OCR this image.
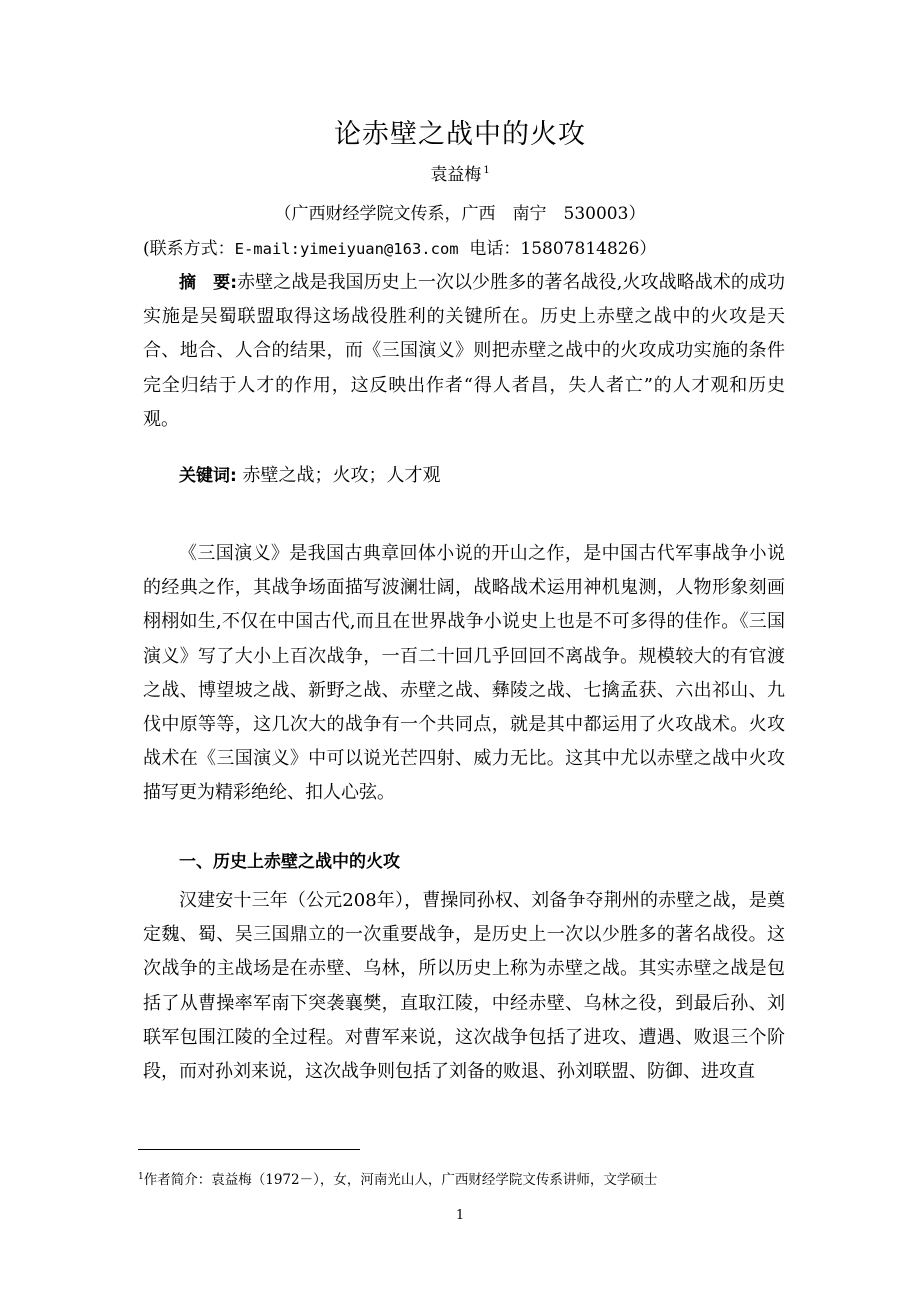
论赤壁之战中的火攻
袁益梅 $^1$
（广西财经学院文传系，广西　南宁　530003）
(联系方式：E-mail:yimeiyuan@163.com 电话：15807814826）
摘　要:赤壁之战是我国历史上一次以少胜多的著名战役,火攻战略战术的成功实施是吴蜀联盟取得这场战役胜利的关键所在。历史上赤壁之战中的火攻是天合、地合、人合的结果，而《三国演义》则把赤壁之战中的火攻成功实施的条件完全归结于人才的作用，这反映出作者“得人者昌，失人者亡”的人才观和历史观。
关键词: 赤壁之战；火攻；人才观
《三国演义》是我国古典章回体小说的开山之作，是中国古代军事战争小说的经典之作，其战争场面描写波澜壮阔，战略战术运用神机鬼测，人物形象刻画栩栩如生,不仅在中国古代,而且在世界战争小说史上也是不可多得的佳作。《三国演义》写了大小上百次战争，一百二十回几乎回回不离战争。规模较大的有官渡之战、博望坡之战、新野之战、赤壁之战、彝陵之战、七擒孟获、六出祁山、九伐中原等等，这几次大的战争有一个共同点，就是其中都运用了火攻战术。火攻战术在《三国演义》中可以说光芒四射、威力无比。这其中尤以赤壁之战中火攻描写更为精彩绝纶、扣人心弦。
一、历史上赤壁之战中的火攻
汉建安十三年（公元208年），曹操同孙权、刘备争夺荆州的赤壁之战，是奠定魏、蜀、吴三国鼎立的一次重要战争，是历史上一次以少胜多的著名战役。这次战争的主战场是在赤壁、乌林，所以历史上称为赤壁之战。其实赤壁之战是包括了从曹操率军南下突袭襄樊，直取江陵，中经赤壁、乌林之役，到最后孙、刘联军包围江陵的全过程。对曹军来说，这次战争包括了进攻、遭遇、败退三个阶段，而对孙刘来说，这次战争则包括了刘备的败退、孙刘联盟、防御、进攻直
$^1$作者简介：袁益梅（1972－），女，河南光山人，广西财经学院文传系讲师，文学硕士
1
